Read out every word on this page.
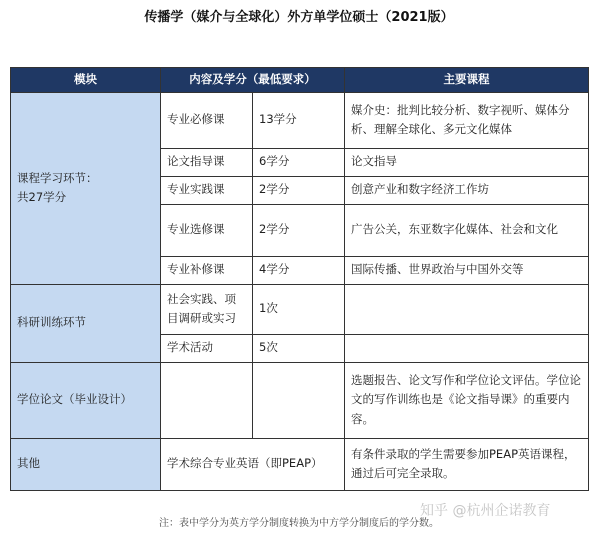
传播学（媒介与全球化）外方单学位硕士（2021版）
模块	内容及学分（最低要求）		主要课程

课程学习环节：
共27学分	专业必修课	13学分	媒介史：批判比较分析、数字视听、媒体分析、理解全球化、多元文化媒体
	论文指导课	6学分	论文指导
	专业实践课	2学分	创意产业和数字经济工作坊
	专业选修课	2学分	广告公关，东亚数字化媒体、社会和文化
	专业补修课	4学分	国际传播、世界政治与中国外交等
科研训练环节	社会实践、项目调研或实习	1次	
	学术活动	5次	
学位论文（毕业设计）			选题报告、论文写作和学位论文评估。学位论文的写作训练也是《论文指导课》的重要内容。
其他	学术综合专业英语（即PEAP）		有条件录取的学生需要参加PEAP英语课程，通过后可完全录取。
知乎 @杭州企诺教育
注：表中学分为英方学分制度转换为中方学分制度后的学分数。
